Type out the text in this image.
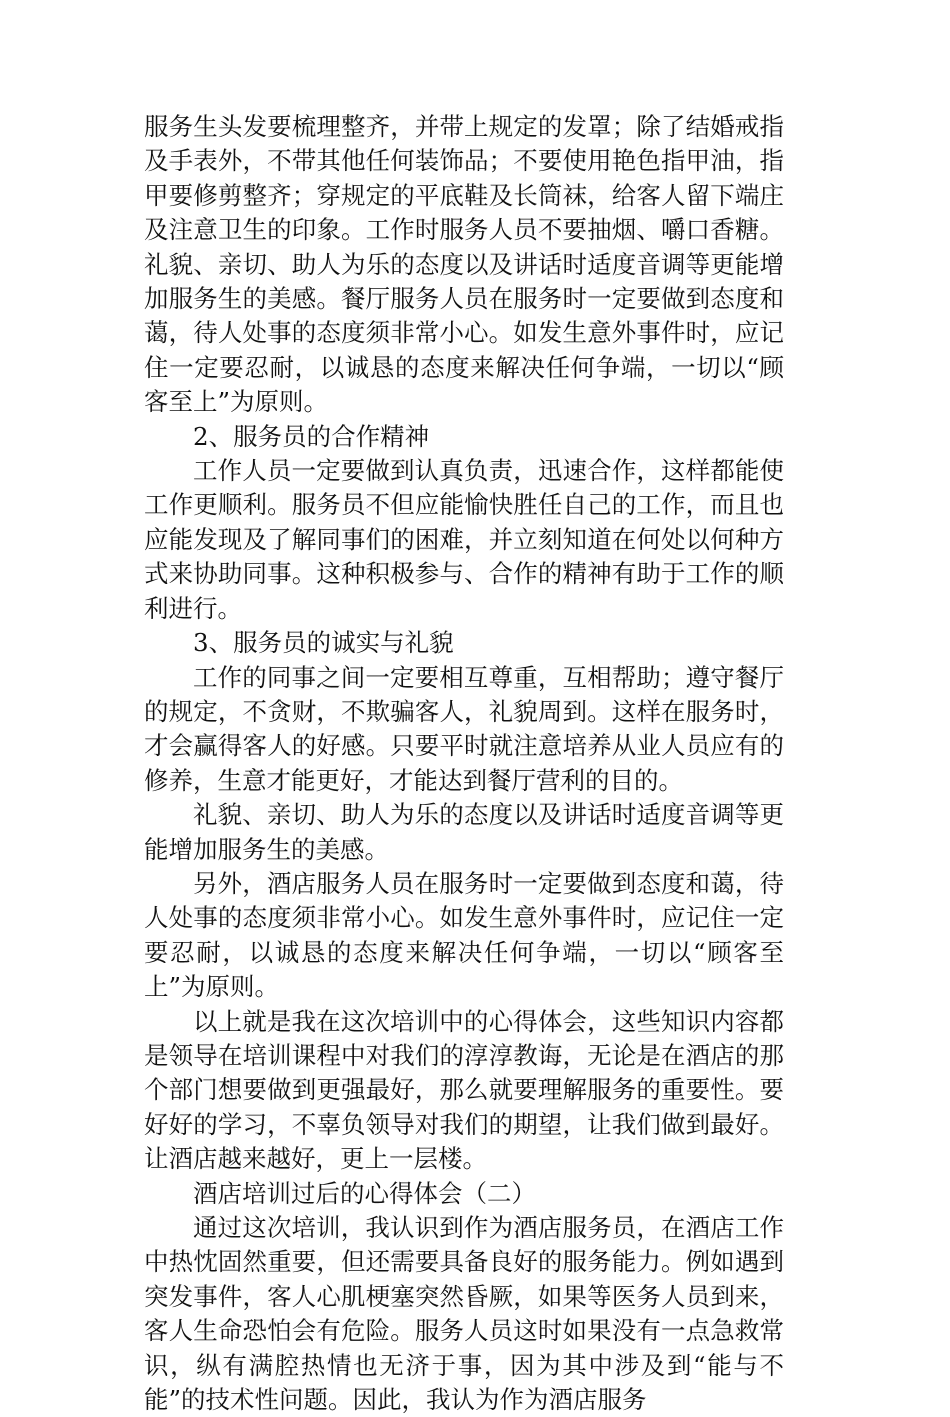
服务生头发要梳理整齐，并带上规定的发罩；除了结婚戒指及手表外，不带其他任何装饰品；不要使用艳色指甲油，指甲要修剪整齐；穿规定的平底鞋及长筒袜，给客人留下端庄及注意卫生的印象。工作时服务人员不要抽烟、嚼口香糖。礼貌、亲切、助人为乐的态度以及讲话时适度音调等更能增加服务生的美感。餐厅服务人员在服务时一定要做到态度和蔼，待人处事的态度须非常小心。如发生意外事件时，应记住一定要忍耐，以诚恳的态度来解决任何争端，一切以“顾客至上”为原则。

2、服务员的合作精神

工作人员一定要做到认真负责，迅速合作，这样都能使工作更顺利。服务员不但应能愉快胜任自己的工作，而且也应能发现及了解同事们的困难，并立刻知道在何处以何种方式来协助同事。这种积极参与、合作的精神有助于工作的顺利进行。

3、服务员的诚实与礼貌

工作的同事之间一定要相互尊重，互相帮助；遵守餐厅的规定，不贪财，不欺骗客人，礼貌周到。这样在服务时，才会赢得客人的好感。只要平时就注意培养从业人员应有的修养，生意才能更好，才能达到餐厅营利的目的。

礼貌、亲切、助人为乐的态度以及讲话时适度音调等更能增加服务生的美感。

另外，酒店服务人员在服务时一定要做到态度和蔼，待人处事的态度须非常小心。如发生意外事件时，应记住一定要忍耐，以诚恳的态度来解决任何争端，一切以“顾客至上”为原则。

以上就是我在这次培训中的心得体会，这些知识内容都是领导在培训课程中对我们的淳淳教诲，无论是在酒店的那个部门想要做到更强最好，那么就要理解服务的重要性。要好好的学习，不辜负领导对我们的期望，让我们做到最好。让酒店越来越好，更上一层楼。

酒店培训过后的心得体会（二）

通过这次培训，我认识到作为酒店服务员，在酒店工作中热忱固然重要，但还需要具备良好的服务能力。例如遇到突发事件，客人心肌梗塞突然昏厥，如果等医务人员到来，客人生命恐怕会有危险。服务人员这时如果没有一点急救常识，纵有满腔热情也无济于事，因为其中涉及到“能与不能”的技术性问题。因此，我认为作为酒店服务
